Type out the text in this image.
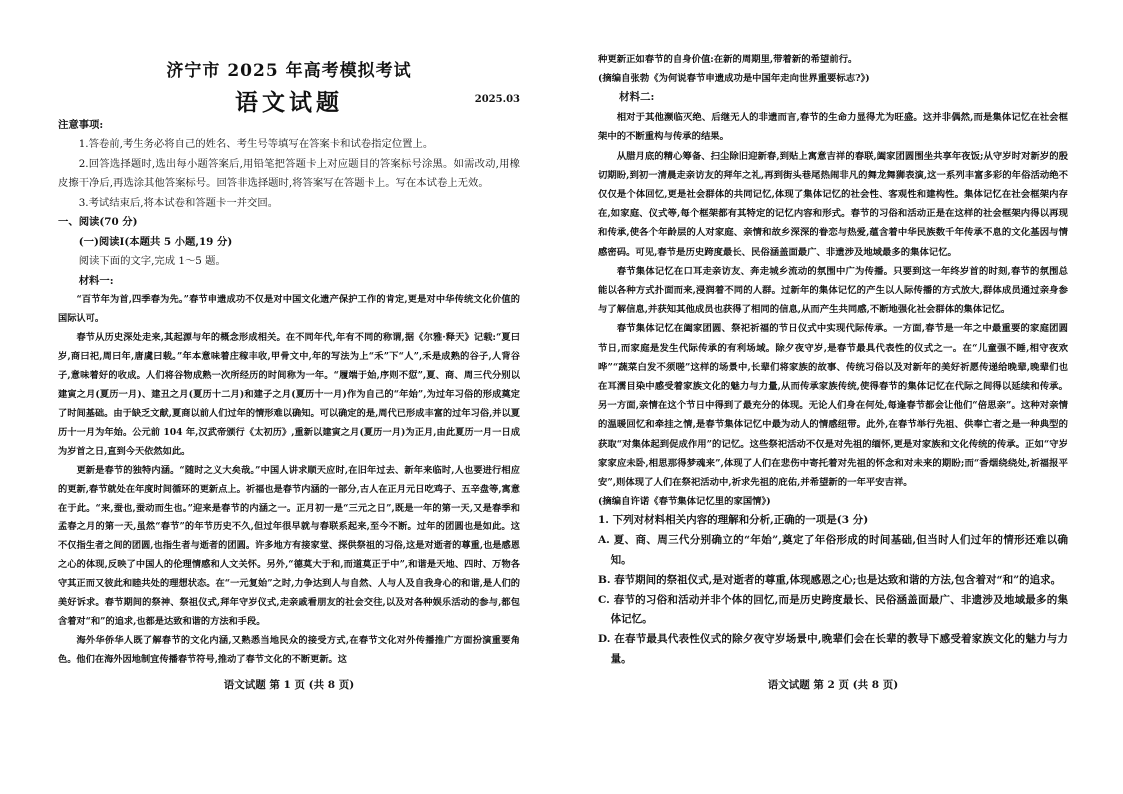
济宁市 2025 年高考模拟考试
语文试题	2025.03

注意事项:

1.答卷前,考生务必将自己的姓名、考生号等填写在答案卡和试卷指定位置上。

2.回答选择题时,选出每小题答案后,用铅笔把答题卡上对应题目的答案标号涂黑。如需改动,用橡皮擦干净后,再选涂其他答案标号。回答非选择题时,将答案写在答题卡上。写在本试卷上无效。

3.考试结束后,将本试卷和答题卡一并交回。

一、阅读(70 分)

(一)阅读Ⅰ(本题共 5 小题,19 分)

阅读下面的文字,完成 1～5 题。

材料一:

“百节年为首,四季春为先。”春节申遗成功不仅是对中国文化遗产保护工作的肯定,更是对中华传统文化价值的国际认可。

春节从历史深处走来,其起源与年的概念形成相关。在不同年代,年有不同的称谓,据《尔雅·释天》记载:“夏曰岁,商曰祀,周曰年,唐虞曰载。”年本意味着庄稼丰收,甲骨文中,年的写法为上“禾”下“人”,禾是成熟的谷子,人背谷子,意味着好的收成。人们将谷物成熟一次所经历的时间称为一年。“履端于始,序则不愆”,夏、商、周三代分别以建寅之月(夏历一月)、建丑之月(夏历十二月)和建子之月(夏历十一月)作为自己的“年始”,为过年习俗的形成奠定了时间基础。由于缺乏文献,夏商以前人们过年的情形难以确知。可以确定的是,周代已形成丰富的过年习俗,并以夏历十一月为年始。公元前 104 年,汉武帝颁行《太初历》,重新以建寅之月(夏历一月)为正月,由此夏历一月一日成为岁首之日,直到今天依然如此。

更新是春节的独特内涵。“随时之义大矣哉。”中国人讲求顺天应时,在旧年过去、新年来临时,人也要进行相应的更新,春节就处在年度时间循环的更新点上。祈福也是春节内涵的一部分,古人在正月元日吃鸡子、五辛盘等,寓意在于此。“来,蚕也,蚕动而生也。”迎来是春节的内涵之一。正月初一是“三元之日”,既是一年的第一天,又是春季和孟春之月的第一天,虽然“春节”的年节历史不久,但过年很早就与春联系起来,至今不断。过年的团圆也是如此。这不仅指生者之间的团圆,也指生者与逝者的团圆。许多地方有接家堂、探供祭祖的习俗,这是对逝者的尊重,也是感恩之心的体现,反映了中国人的伦理情感和人文关怀。另外,“德莫大于和,而道莫正于中”,和谐是天地、四时、万物各守其正而又彼此和睦共处的理想状态。在“一元复始”之时,力争达到人与自然、人与人及自我身心的和谐,是人们的美好诉求。春节期间的祭神、祭祖仪式,拜年守岁仪式,走亲戚看朋友的社会交往,以及对各种娱乐活动的参与,都包含着对“和”的追求,也都是达致和谐的方法和手段。

海外华侨华人既了解春节的文化内涵,又熟悉当地民众的接受方式,在春节文化对外传播推广方面扮演重要角色。他们在海外因地制宜传播春节符号,推动了春节文化的不断更新。这

语文试题 第 1 页 (共 8 页)

种更新正如春节的自身价值:在新的周期里,带着新的希望前行。

(摘编自张勃《为何说春节申遗成功是中国年走向世界重要标志?》)

材料二:

相对于其他濒临灭绝、后继无人的非遗而言,春节的生命力显得尤为旺盛。这并非偶然,而是集体记忆在社会框架中的不断重构与传承的结果。

从腊月底的精心筹备、扫尘除旧迎新春,到贴上寓意吉祥的春联,阖家团圆围坐共享年夜饭;从守岁时对新岁的殷切期盼,到初一清晨走亲访友的拜年之礼,再到街头巷尾热闹非凡的舞龙舞狮表演,这一系列丰富多彩的年俗活动绝不仅仅是个体回忆,更是社会群体的共同记忆,体现了集体记忆的社会性、客观性和建构性。集体记忆在社会框架内存在,如家庭、仪式等,每个框架都有其特定的记忆内容和形式。春节的习俗和活动正是在这样的社会框架内得以再现和传承,使各个年龄层的人对家庭、亲情和故乡深深的眷恋与热爱,蕴含着中华民族数千年传承不息的文化基因与情感密码。可见,春节是历史跨度最长、民俗涵盖面最广、非遗涉及地域最多的集体记忆。

春节集体记忆在口耳走亲访友、奔走城乡流动的氛围中广为传播。只要到这一年终岁首的时刻,春节的氛围总能以各种方式扑面而来,浸润着不同的人群。过新年的集体记忆的产生以人际传播的方式放大,群体成员通过亲身参与了解信息,并获知其他成员也获得了相同的信息,从而产生共同感,不断地强化社会群体的集体记忆。

春节集体记忆在阖家团圆、祭祀祈福的节日仪式中实现代际传承。一方面,春节是一年之中最重要的家庭团圆节日,而家庭是发生代际传承的有利场域。除夕夜守岁,是春节最具代表性的仪式之一。在“儿童强不睡,相守夜欢哗”“蔬菜白发不须嗟”这样的场景中,长辈们将家族的故事、传统习俗以及对新年的美好祈愿传递给晚辈,晚辈们也在耳濡目染中感受着家族文化的魅力与力量,从而传承家族传统,使得春节的集体记忆在代际之间得以延续和传承。另一方面,亲情在这个节日中得到了最充分的体现。无论人们身在何处,每逢春节都会让他们“倍思亲”。这种对亲情的温暖回忆和牵挂之情,是春节集体记忆中最为动人的情感纽带。此外,在春节举行先祖、供奉亡者之是一种典型的获取“对集体起到促成作用”的记忆。这些祭祀活动不仅是对先祖的缅怀,更是对家族和文化传统的传承。正如“守岁家家应未卧,相思那得梦魂来”,体现了人们在悲伤中寄托着对先祖的怀念和对未来的期盼;而“香烟绕绕处,祈福报平安”,则体现了人们在祭祀活动中,祈求先祖的庇佑,并希望新的一年平安吉祥。

(摘编自许诺《春节集体记忆里的家国情》)

1. 下列对材料相关内容的理解和分析,正确的一项是(3 分)

A. 夏、商、周三代分别确立的“年始”,奠定了年俗形成的时间基础,但当时人们过年的情形还难以确知。

B. 春节期间的祭祖仪式,是对逝者的尊重,体现感恩之心;也是达致和谐的方法,包含着对“和”的追求。

C. 春节的习俗和活动并非个体的回忆,而是历史跨度最长、民俗涵盖面最广、非遗涉及地域最多的集体记忆。

D. 在春节最具代表性仪式的除夕夜守岁场景中,晚辈们会在长辈的教导下感受着家族文化的魅力与力量。

语文试题 第 2 页 (共 8 页)
